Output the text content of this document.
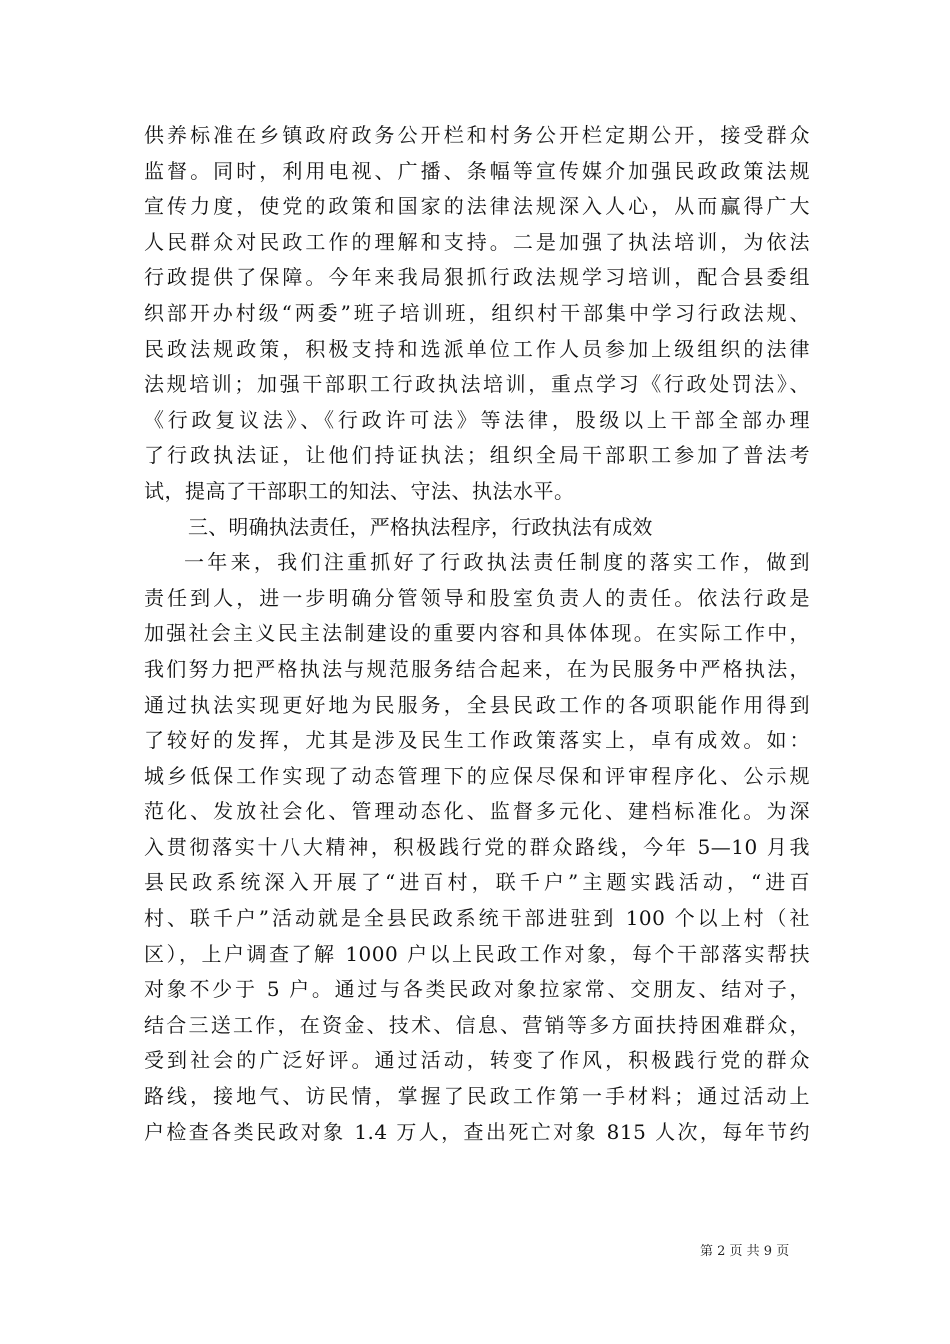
供养标准在乡镇政府政务公开栏和村务公开栏定期公开，接受群众
监督。同时，利用电视、广播、条幅等宣传媒介加强民政政策法规
宣传力度，使党的政策和国家的法律法规深入人心，从而赢得广大
人民群众对民政工作的理解和支持。二是加强了执法培训，为依法
行政提供了保障。今年来我局狠抓行政法规学习培训，配合县委组
织部开办村级“两委”班子培训班，组织村干部集中学习行政法规、
民政法规政策，积极支持和选派单位工作人员参加上级组织的法律
法规培训；加强干部职工行政执法培训，重点学习《行政处罚法》、
《行政复议法》、《行政许可法》等法律，股级以上干部全部办理
了行政执法证，让他们持证执法；组织全局干部职工参加了普法考
试，提高了干部职工的知法、守法、执法水平。
三、明确执法责任，严格执法程序，行政执法有成效
一年来，我们注重抓好了行政执法责任制度的落实工作，做到
责任到人，进一步明确分管领导和股室负责人的责任。依法行政是
加强社会主义民主法制建设的重要内容和具体体现。在实际工作中，
我们努力把严格执法与规范服务结合起来，在为民服务中严格执法，
通过执法实现更好地为民服务，全县民政工作的各项职能作用得到
了较好的发挥，尤其是涉及民生工作政策落实上，卓有成效。如：
城乡低保工作实现了动态管理下的应保尽保和评审程序化、公示规
范化、发放社会化、管理动态化、监督多元化、建档标准化。为深
入贯彻落实十八大精神，积极践行党的群众路线，今年 5—10 月我
县民政系统深入开展了“进百村，联千户”主题实践活动，“进百
村、联千户”活动就是全县民政系统干部进驻到 100 个以上村（社
区），上户调查了解 1000 户以上民政工作对象，每个干部落实帮扶
对象不少于 5 户。通过与各类民政对象拉家常、交朋友、结对子，
结合三送工作，在资金、技术、信息、营销等多方面扶持困难群众，
受到社会的广泛好评。通过活动，转变了作风，积极践行党的群众
路线，接地气、访民情，掌握了民政工作第一手材料；通过活动上
户检查各类民政对象 1.4 万人，查出死亡对象 815 人次，每年节约
第 2 页 共 9 页
